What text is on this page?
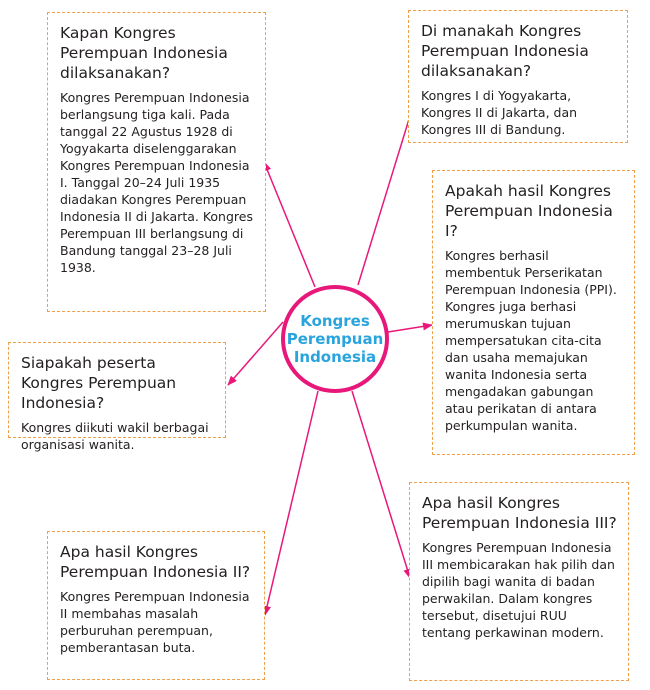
Kapan Kongres Perempuan Indonesia dilaksanakan?

Kongres Perempuan Indonesia berlangsung tiga kali. Pada tanggal 22 Agustus 1928 di Yogyakarta diselenggarakan Kongres Perempuan Indonesia I. Tanggal 20–24 Juli 1935 diadakan Kongres Perempuan Indonesia II di Jakarta. Kongres Perempuan III berlangsung di Bandung tanggal 23–28 Juli 1938.

Di manakah Kongres Perempuan Indonesia dilaksanakan?

Kongres I di Yogyakarta, Kongres II di Jakarta, dan Kongres III di Bandung.

Apakah hasil Kongres Perempuan Indonesia I?

Kongres berhasil membentuk Perserikatan Perempuan Indonesia (PPI). Kongres juga berhasi merumuskan tujuan mempersatukan cita-cita dan usaha memajukan wanita Indonesia serta mengadakan gabungan atau perikatan di antara perkumpulan wanita.

Siapakah peserta Kongres Perempuan Indonesia?

Kongres diikuti wakil berbagai organisasi wanita.

Apa hasil Kongres Perempuan Indonesia II?

Kongres Perempuan Indonesia II membahas masalah perburuhan perempuan, pemberantasan buta.

Apa hasil Kongres Perempuan Indonesia III?

Kongres Perempuan Indonesia III membicarakan hak pilih dan dipilih bagi wanita di badan perwakilan. Dalam kongres tersebut, disetujui RUU tentang perkawinan modern.

Kongres
Perempuan
Indonesia
